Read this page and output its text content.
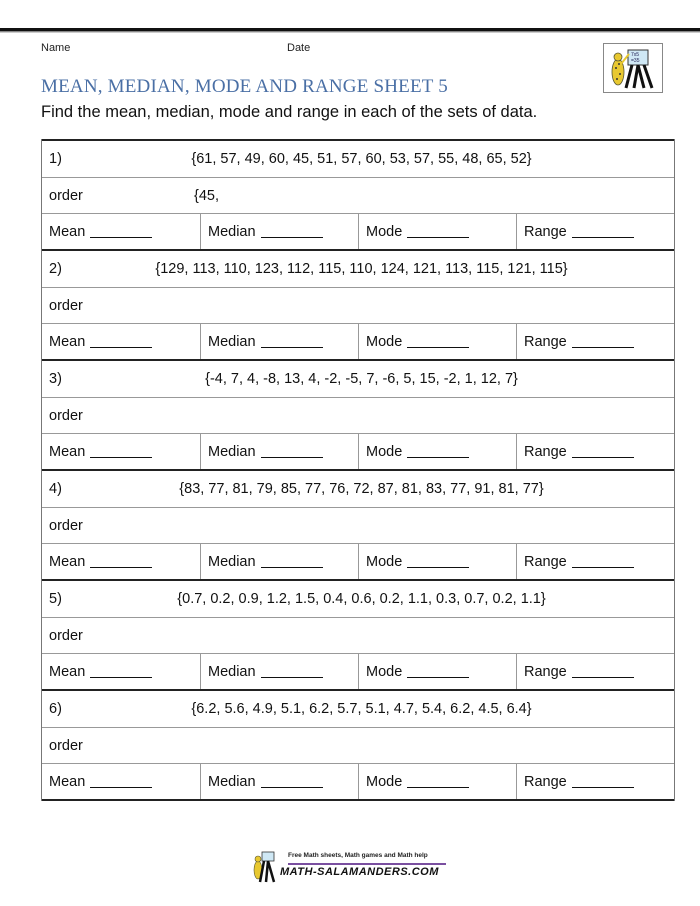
Name	Date
MEAN, MEDIAN, MODE AND RANGE SHEET 5
Find the mean, median, mode and range in each of the sets of data.
7x5
=35
1)	{61, 57, 49, 60, 45, 51, 57, 60, 53, 57, 55, 48, 65, 52}
order	{45,
Mean	Median	Mode	Range
2)	{129, 113, 110, 123, 112, 115, 110, 124, 121, 113, 115, 121, 115}
order
Mean	Median	Mode	Range
3)	{-4, 7, 4, -8, 13, 4, -2, -5, 7, -6, 5, 15, -2, 1, 12, 7}
order
Mean	Median	Mode	Range
4)	{83, 77, 81, 79, 85, 77, 76, 72, 87, 81, 83, 77, 91, 81, 77}
order
Mean	Median	Mode	Range
5)	{0.7, 0.2, 0.9, 1.2, 1.5, 0.4, 0.6, 0.2, 1.1, 0.3, 0.7, 0.2, 1.1}
order
Mean	Median	Mode	Range
6)	{6.2, 5.6, 4.9, 5.1, 6.2, 5.7, 5.1, 4.7, 5.4, 6.2, 4.5, 6.4}
order
Mean	Median	Mode	Range
Free Math sheets, Math games and Math help
MATH-SALAMANDERS.COM
